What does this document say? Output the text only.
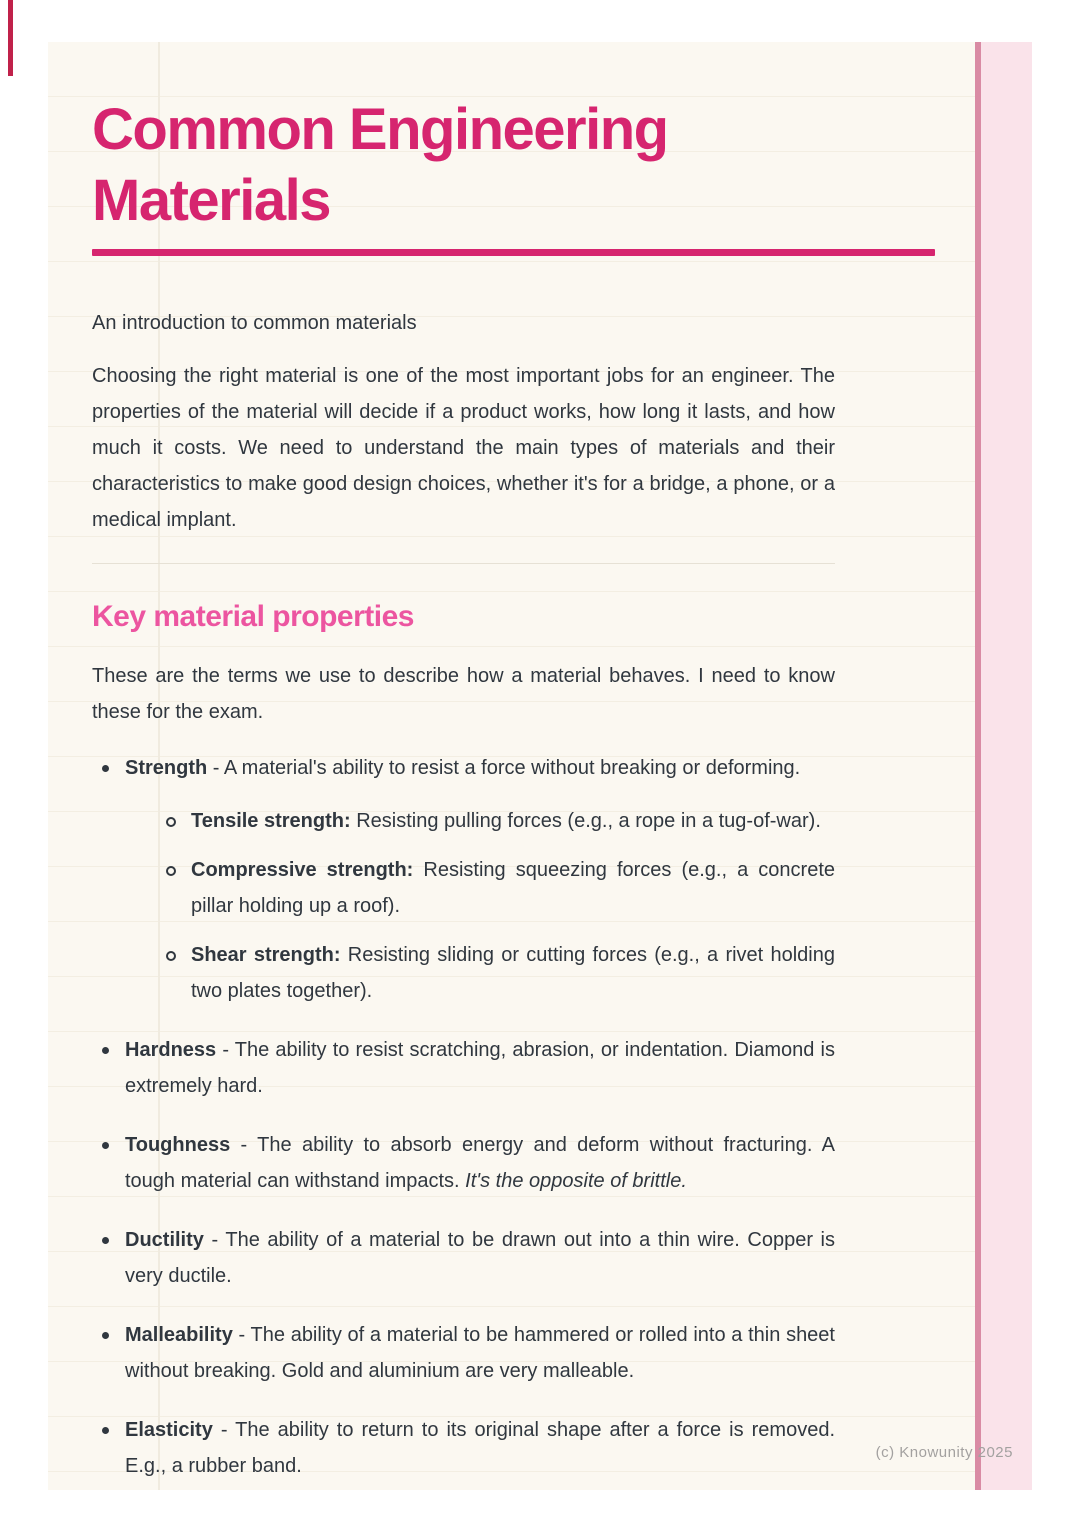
Common Engineering
Materials
An introduction to common materials
Choosing the right material is one of the most important jobs for an engineer. The properties of the material will decide if a product works, how long it lasts, and how much it costs. We need to understand the main types of materials and their characteristics to make good design choices, whether it's for a bridge, a phone, or a medical implant.
Key material properties
These are the terms we use to describe how a material behaves. I need to know these for the exam.
Strength - A material's ability to resist a force without breaking or deforming.
Tensile strength: Resisting pulling forces (e.g., a rope in a tug-of-war).
Compressive strength: Resisting squeezing forces (e.g., a concrete pillar holding up a roof).
Shear strength: Resisting sliding or cutting forces (e.g., a rivet holding two plates together).
Hardness - The ability to resist scratching, abrasion, or indentation. Diamond is extremely hard.
Toughness - The ability to absorb energy and deform without fracturing. A tough material can withstand impacts. It's the opposite of brittle.
Ductility - The ability of a material to be drawn out into a thin wire. Copper is very ductile.
Malleability - The ability of a material to be hammered or rolled into a thin sheet without breaking. Gold and aluminium are very malleable.
Elasticity - The ability to return to its original shape after a force is removed. E.g., a rubber band.
(c) Knowunity 2025
